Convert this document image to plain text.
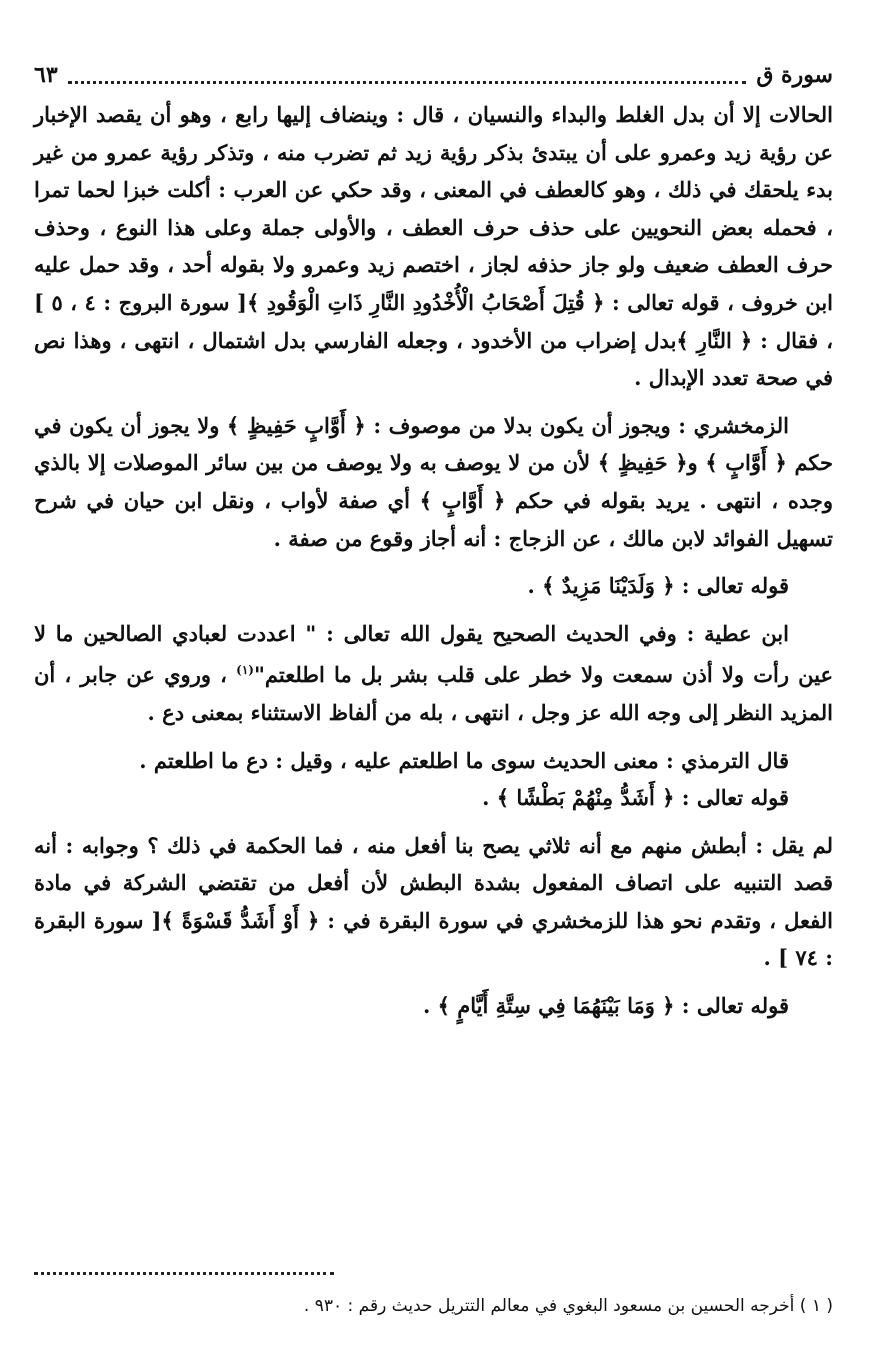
سورة ق
٦٣

الحالات إلا أن بدل الغلط والبداء والنسيان ، قال : وينضاف إليها رابع ، وهو أن يقصد الإخبار عن رؤية زيد وعمرو على أن يبتدئ بذكر رؤية زيد ثم تضرب منه ، وتذكر رؤية عمرو من غير بدء يلحقك في ذلك ، وهو كالعطف في المعنى ، وقد حكي عن العرب : أكلت خبزا لحما تمرا ، فحمله بعض النحويين على حذف حرف العطف ، والأولى جملة وعلى هذا النوع ، وحذف حرف العطف ضعيف ولو جاز حذفه لجاز ، اختصم زيد وعمرو ولا بقوله أحد ، وقد حمل عليه ابن خروف ، قوله تعالى : ﴿ قُتِلَ أَصْحَابُ الْأُخْدُودِ النَّارِ ذَاتِ الْوَقُودِ ﴾[ سورة البروج : ٤ ، ٥ ] ، فقال : ﴿ النَّارِ ﴾بدل إضراب من الأخدود ، وجعله الفارسي بدل اشتمال ، انتهى ، وهذا نص في صحة تعدد الإبدال .

الزمخشري : ويجوز أن يكون بدلا من موصوف : ﴿ أَوَّابٍ حَفِيظٍ ﴾ ولا يجوز أن يكون في حكم ﴿ أَوَّابٍ ﴾ و﴿ حَفِيظٍ ﴾ لأن من لا يوصف به ولا يوصف من بين سائر الموصلات إلا بالذي وجده ، انتهى . يريد بقوله في حكم ﴿ أَوَّابٍ ﴾ أي صفة لأواب ، ونقل ابن حيان في شرح تسهيل الفوائد لابن مالك ، عن الزجاج : أنه أجاز وقوع من صفة .

قوله تعالى : ﴿ وَلَدَيْنَا مَزِيدٌ ﴾ .

ابن عطية : وفي الحديث الصحيح يقول الله تعالى : " اعددت لعبادي الصالحين ما لا عين رأت ولا أذن سمعت ولا خطر على قلب بشر بل ما اطلعتم"$^{(١)}$ ، وروي عن جابر ، أن المزيد النظر إلى وجه الله عز وجل ، انتهى ، بله من ألفاظ الاستثناء بمعنى دع .

قال الترمذي : معنى الحديث سوى ما اطلعتم عليه ، وقيل : دع ما اطلعتم .

قوله تعالى : ﴿ أَشَدُّ مِنْهُمْ بَطْشًا ﴾ .

لم يقل : أبطش منهم مع أنه ثلاثي يصح بنا أفعل منه ، فما الحكمة في ذلك ؟ وجوابه : أنه قصد التنبيه على اتصاف المفعول بشدة البطش لأن أفعل من تقتضي الشركة في مادة الفعل ، وتقدم نحو هذا للزمخشري في سورة البقرة في : ﴿ أَوْ أَشَدُّ قَسْوَةً ﴾[ سورة البقرة : ٧٤ ] .

قوله تعالى : ﴿ وَمَا بَيْنَهُمَا فِي سِتَّةِ أَيَّامٍ ﴾ .

( ١ ) أخرجه الحسين بن مسعود البغوي في معالم التتريل حديث رقم : ٩٣٠ .
